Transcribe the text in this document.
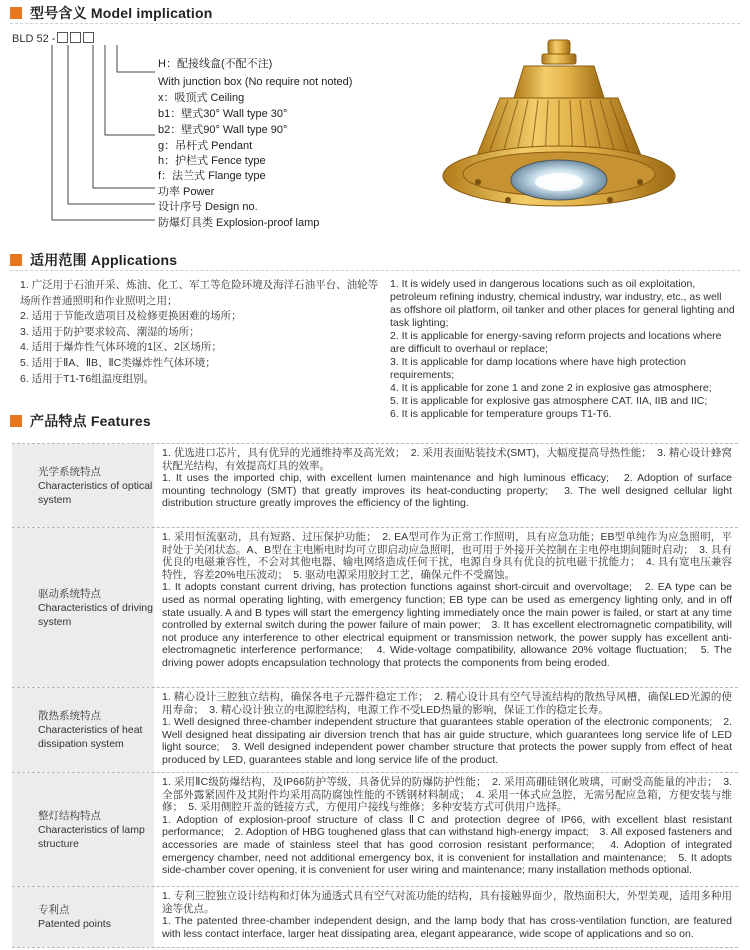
型号含义 Model implication
BLD 52 -
H：配接线盒(不配不注)
With junction box (No require not noted)
x：吸顶式 Ceiling
b1：壁式30° Wall type 30°
b2：壁式90° Wall type 90°
g：吊杆式 Pendant
h：护栏式 Fence type
f：法兰式 Flange type
功率 Power
设计序号 Design no.
防爆灯具类 Explosion-proof lamp
适用范围 Applications
1. 广泛用于石油开采、炼油、化工、军工等危险环境及海洋石油平台、油轮等场所作普通照明和作业照明之用；
2. 适用于节能改造项目及检修更换困难的场所；
3. 适用于防护要求较高、潮湿的场所；
4. 适用于爆炸性气体环境的1区、2区场所；
5. 适用于ⅡA、ⅡB、ⅡC类爆炸性气体环境；
6. 适用于T1-T6组温度组别。
1. It is widely used in dangerous locations such as oil exploitation, petroleum refining industry, chemical industry, war industry, etc., as well as offshore oil platform, oil tanker and other places for general lighting and task lighting;
2. It is applicable for energy-saving reform projects and locations where are difficult to overhaul or replace;
3. It is applicable for damp locations where have high protection requirements;
4. It is applicable for zone 1 and zone 2 in explosive gas atmosphere;
5. It is applicable for explosive gas atmosphere CAT. IIA, IIB and IIC;
6. It is applicable for temperature groups T1-T6.
产品特点 Features
光学系统特点
Characteristics of optical system
1. 优选进口芯片，具有优异的光通维持率及高光效；　2. 采用表面贴装技术(SMT)，大幅度提高导热性能；　3. 精心设计蜂窝状配光结构，有效提高灯具的效率。
1. It uses the imported chip, with excellent lumen maintenance and high luminous efficacy;　2. Adoption of surface mounting technology (SMT) that greatly improves its heat-conducting property;　3. The well designed cellular light distribution structure greatly improves the efficiency of the lighting.
驱动系统特点
Characteristics of driving system
1. 采用恒流驱动，具有短路、过压保护功能；　2. EA型可作为正常工作照明，具有应急功能；EB型单纯作为应急照明，平时处于关闭状态。A、B型在主电断电时均可立即启动应急照明，也可用于外接开关控制在主电停电期间随时启动；　3. 具有优良的电磁兼容性，不会对其他电器、输电网络造成任何干扰，电源自身具有优良的抗电磁干扰能力；　4. 具有宽电压兼容特性，容差20%电压波动；　5. 驱动电源采用胶封工艺，确保元件不受腐蚀。
1. It adopts constant current driving, has protection functions against short-circuit and overvoltage;　2. EA type can be used as normal operating lighting, with emergency function; EB type can be used as emergency lighting only, and in off state usually. A and B types will start the emergency lighting immediately once the main power is failed, or start at any time controlled by external switch during the power failure of main power;　3. It has excellent electromagnetic compatibility, will not produce any interference to other electrical equipment or transmission network, the power supply has excellent anti-electromagnetic interference performance;　4. Wide-voltage compatibility, allowance 20% voltage fluctuation;　5. The driving power adopts encapsulation technology that protects the components from being eroded.
散热系统特点
Characteristics of heat dissipation system
1. 精心设计三腔独立结构，确保各电子元器件稳定工作；　2. 精心设计具有空气导流结构的散热导风槽，确保LED光源的使用寿命；　3. 精心设计独立的电源腔结构，电源工作不受LED热量的影响，保证工作的稳定长寿。
1. Well designed three-chamber independent structure that guarantees stable operation of the electronic components;　2. Well designed heat dissipating air diversion trench that has air guide structure, which guarantees long service life of LED light source;　3. Well designed independent power chamber structure that protects the power supply from effect of heat produced by LED, guarantees stable and long service life of the product.
整灯结构特点
Characteristics of lamp structure
1. 采用ⅡC级防爆结构，及IP66防护等级，具备优异的防爆防护性能；　2. 采用高硼硅钢化玻璃，可耐受高能量的冲击；　3. 全部外露紧固件及其附件均采用高防腐蚀性能的不锈钢材料制成；　4. 采用一体式应急腔，无需另配应急箱，方便安装与维修；　5. 采用侧腔开盖的链接方式，方便用户接线与维修；多种安装方式可供用户选择。
1. Adoption of explosion-proof structure of class ⅡC and protection degree of IP66, with excellent blast resistant performance;　2. Adoption of HBG toughened glass that can withstand high-energy impact;　3. All exposed fasteners and accessories are made of stainless steel that has good corrosion resistant performance;　4. Adoption of integrated emergency chamber, need not additional emergency box, it is convenient for installation and maintenance;　5. It adopts side-chamber cover opening, it is convenient for user wiring and maintenance; many installation methods optional.
专利点
Patented points
1. 专利三腔独立设计结构和灯体为通透式具有空气对流功能的结构，具有接触界面少，散热面积大，外型美观，适用多种用途等优点。
1. The patented three-chamber independent design, and the lamp body that has cross-ventilation function, are featured with less contact interface, larger heat dissipating area, elegant appearance, wide scope of applications and so on.
